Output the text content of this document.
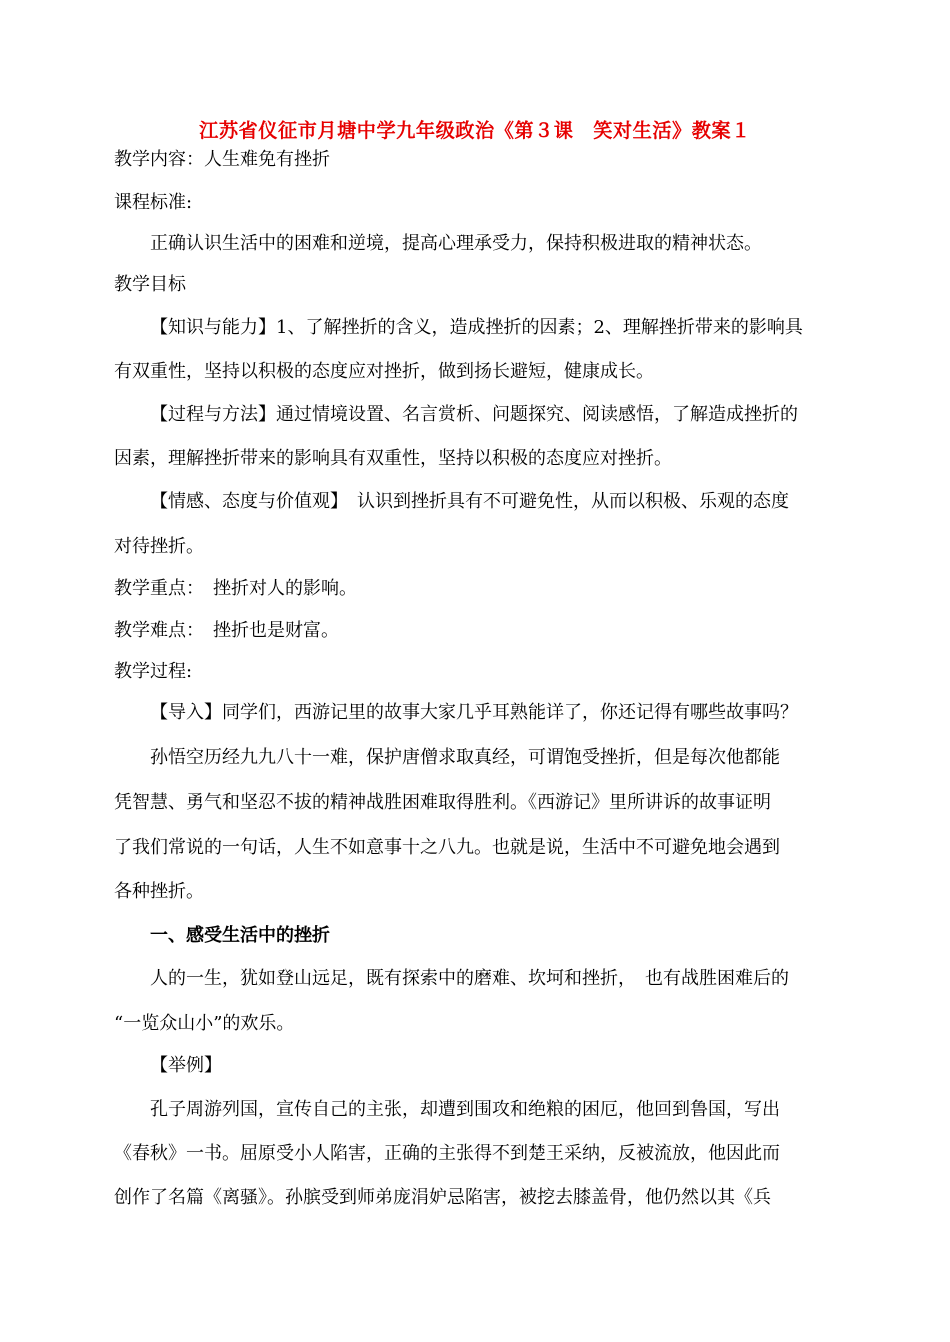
江苏省仪征市月塘中学九年级政治《第３课　笑对生活》教案１
教学内容：人生难免有挫折
课程标准:
正确认识生活中的困难和逆境，提高心理承受力，保持积极进取的精神状态。
教学目标
【知识与能力】1、了解挫折的含义，造成挫折的因素；2、理解挫折带来的影响具
有双重性，坚持以积极的态度应对挫折，做到扬长避短，健康成长。
【过程与方法】通过情境设置、名言赏析、问题探究、阅读感悟，了解造成挫折的
因素，理解挫折带来的影响具有双重性，坚持以积极的态度应对挫折。
【情感、态度与价值观】　认识到挫折具有不可避免性，从而以积极、乐观的态度
对待挫折。
教学重点：　挫折对人的影响。
教学难点：　挫折也是财富。
教学过程:
【导入】同学们，西游记里的故事大家几乎耳熟能详了，你还记得有哪些故事吗？
孙悟空历经九九八十一难，保护唐僧求取真经，可谓饱受挫折，但是每次他都能
凭智慧、勇气和坚忍不拔的精神战胜困难取得胜利。《西游记》里所讲诉的故事证明
了我们常说的一句话，人生不如意事十之八九。也就是说，生活中不可避免地会遇到
各种挫折。
一、感受生活中的挫折
人的一生，犹如登山远足，既有探索中的磨难、坎坷和挫折，　也有战胜困难后的
“一览众山小”的欢乐。
【举例】
孔子周游列国，宣传自己的主张，却遭到围攻和绝粮的困厄，他回到鲁国，写出
《春秋》一书。屈原受小人陷害，正确的主张得不到楚王采纳，反被流放，他因此而
创作了名篇《离骚》。孙膑受到师弟庞涓妒忌陷害，被挖去膝盖骨，他仍然以其《兵
